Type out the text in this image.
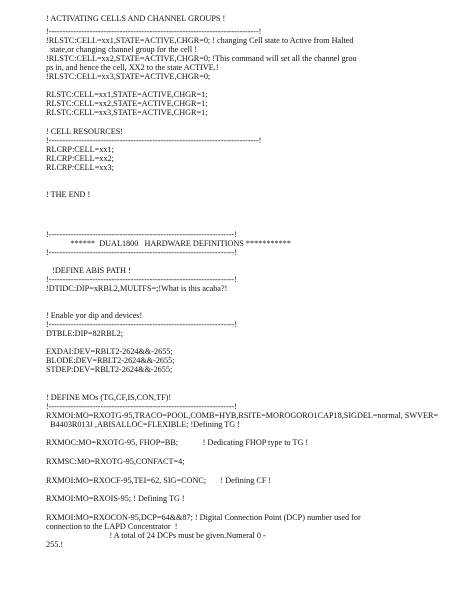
! ACTIVATING CELLS AND CHANNEL GROUPS !
!-----------------------------------------------------------------------------!
!RLSTC:CELL=xx1,STATE=ACTIVE,CHGR=0; ! changing Cell state to Active from Halted
state,or changing channel group for the cell !
!RLSTC:CELL=xx2,STATE=ACTIVE,CHGR=0; !This command will set all the channel grou
ps in, and hence the cell, XX2 to the state ACTIVE.!
!RLSTC:CELL=xx3,STATE=ACTIVE,CHGR=0;
RLSTC:CELL=xx1,STATE=ACTIVE,CHGR=1;
RLSTC:CELL=xx2,STATE=ACTIVE,CHGR=1;
RLSTC:CELL=xx3,STATE=ACTIVE,CHGR=1;
! CELL RESOURCES!
!-----------------------------------------------------------------------------!
RLCRP:CELL=xx1;
RLCRP:CELL=xx2;
RLCRP:CELL=xx3;
! THE END !
!--------------------------------------------------------------------!
******  DUAL1800   HARDWARE DEFINITIONS ***********
!--------------------------------------------------------------------!
!DEFINE ABIS PATH !
!--------------------------------------------------------------------!
!DTIDC:DIP=xRBL2,MULTFS=;!What is this acaba?!
! Enable yor dip and devices!
!--------------------------------------------------------------------!
DTBLE:DIP=82RBL2;
EXDAI:DEV=RBLT2-2624&&-2655;
BLODE:DEV=RBLT2-2624&&-2655;
STDEP:DEV=RBLT2-2624&&-2655;
! DEFINE MOs (TG,CF,IS,CON,TF)!
!--------------------------------------------------------------------!
RXMOI:MO=RXOTG-95,TRACO=POOL,COMB=HYB,RSITE=MOROGORO1CAP18,SIGDEL=normal, SWVER=
B4403R013J ,ABISALLOC=FLEXIBLE; !Defining TG !
RXMOC:MO=RXOTG-95, FHOP=BB;            ! Dedicating FHOP type to TG !
RXMSC:MO=RXOTG-95,CONFACT=4;
RXMOI:MO=RXOCF-95,TEI=62, SIG=CONC;       ! Defining CF !
RXMOI:MO=RXOIS-95; ! Defining TG !
RXMOI:MO=RXOCON-95,DCP=64&&87; ! Digital Connection Point (DCP) number used for
connection to the LAPD Concentrator  !
! A total of 24 DCPs must be given.Numeral 0 -
255.!
